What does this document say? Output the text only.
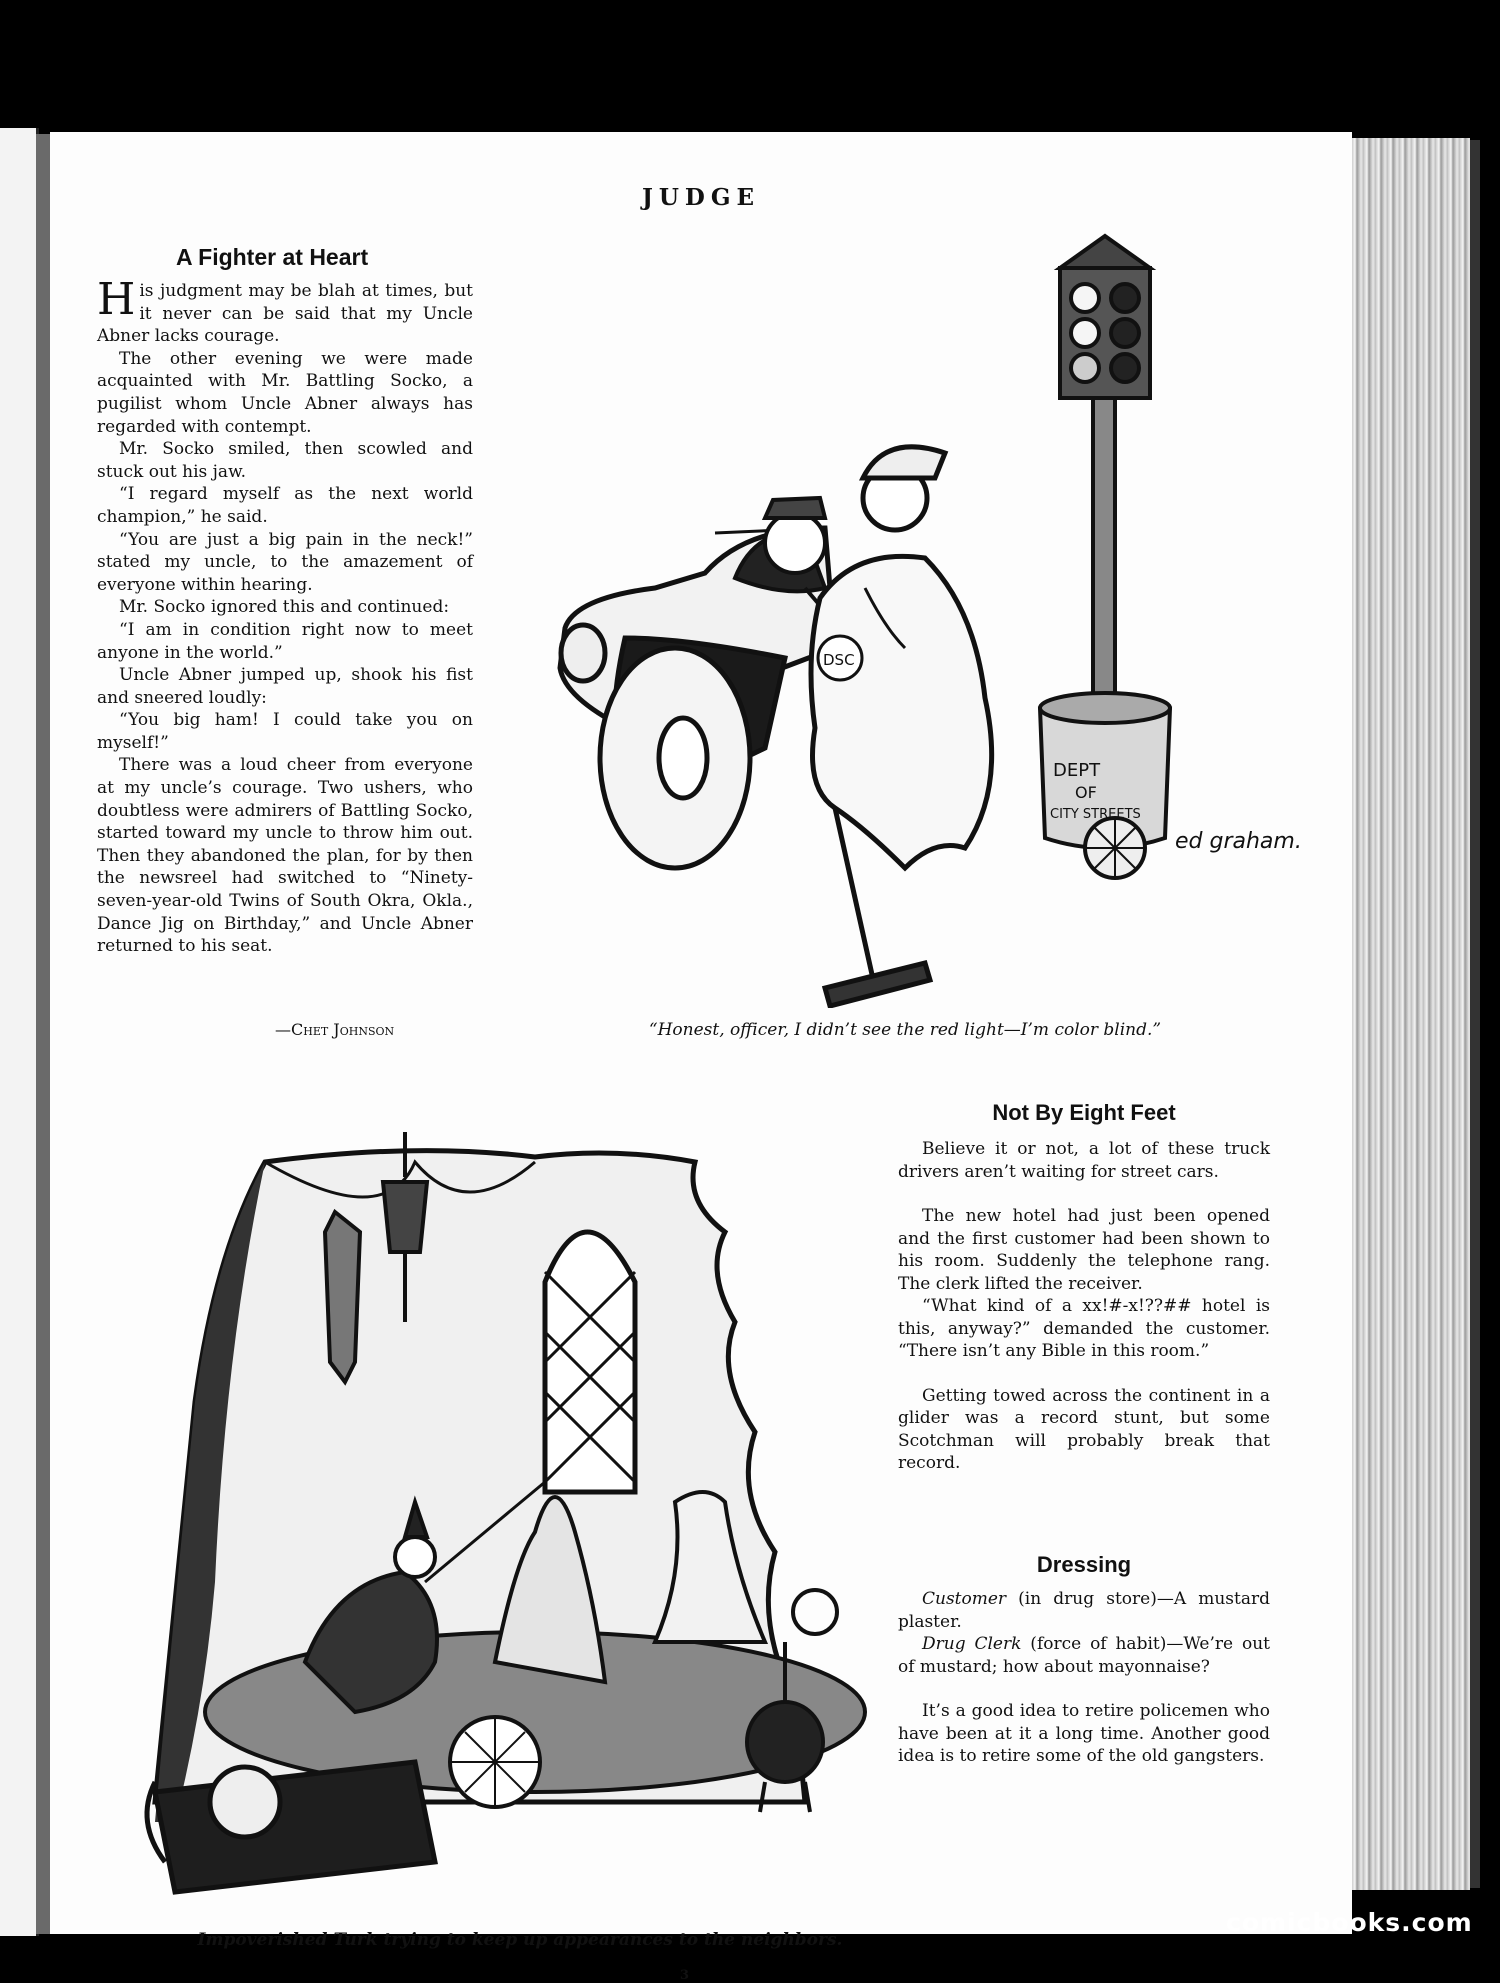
JUDGE
A Fighter at Heart

His judgment may be blah at times, but it never can be said that my Uncle Abner lacks courage.

The other evening we were made acquainted with Mr. Battling Socko, a pugilist whom Uncle Abner always has regarded with contempt.

Mr. Socko smiled, then scowled and stuck out his jaw.

“I regard myself as the next world champion,” he said.

“You are just a big pain in the neck!” stated my uncle, to the amazement of everyone within hearing.

Mr. Socko ignored this and continued:

“I am in condition right now to meet anyone in the world.”

Uncle Abner jumped up, shook his fist and sneered loudly:

“You big ham! I could take you on myself!”

There was a loud cheer from everyone at my uncle’s courage. Two ushers, who doubtless were admirers of Battling Socko, started toward my uncle to throw him out. Then they abandoned the plan, for by then the newsreel had switched to “Ninety-seven-year-old Twins of South Okra, Okla., Dance Jig on Birthday,” and Uncle Abner returned to his seat.

—Chet Johnson
DEPT
OF
CITY STREETS
DSC
ed graham.
“Honest, officer, I didn’t see the red light—I’m color blind.”
Impoverished Turk trying to keep up appearances to the neighbors.
3
Not By Eight Feet

Believe it or not, a lot of these truck drivers aren’t waiting for street cars.

The new hotel had just been opened and the first customer had been shown to his room. Suddenly the telephone rang. The clerk lifted the receiver.

“What kind of a xx!#-x!??## hotel is this, anyway?” demanded the customer. “There isn’t any Bible in this room.”

Getting towed across the continent in a glider was a record stunt, but some Scotchman will probably break that record.

Dressing

Customer (in drug store)—A mustard plaster.

Drug Clerk (force of habit)—We’re out of mustard; how about mayonnaise?

It’s a good idea to retire policemen who have been at it a long time. Another good idea is to retire some of the old gangsters.

comicbooks.com
